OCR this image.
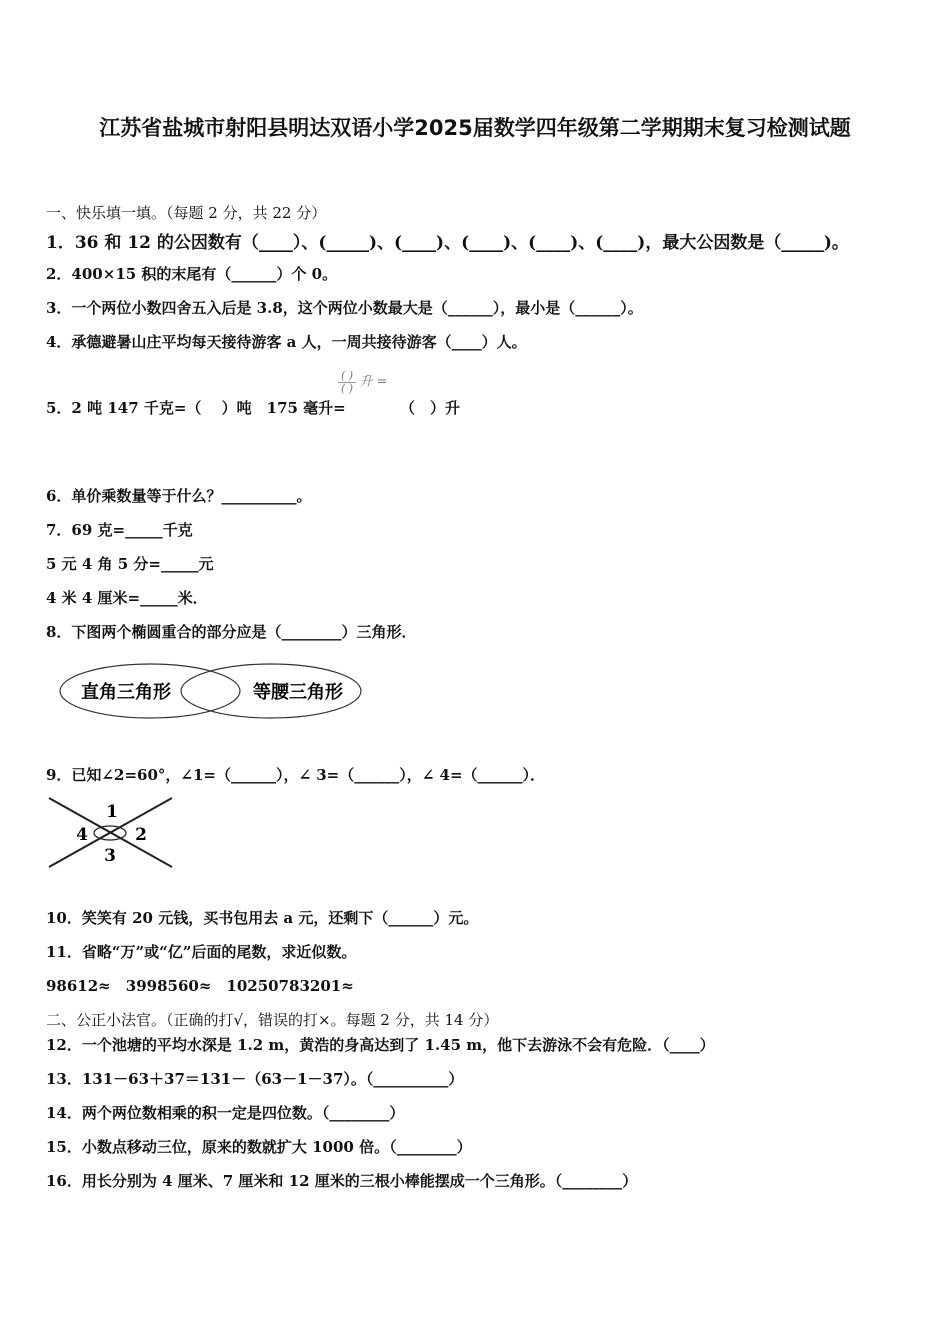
江苏省盐城市射阳县明达双语小学2025届数学四年级第二学期期末复习检测试题
一、快乐填一填。（每题 2 分，共 22 分）
1．36 和 12 的公因数有（____）、(_____)、(____)、(____)、(____)、(____)，最大公因数是（_____)。
2．400×15 积的末尾有（______）个 0。
3．一个两位小数四舍五入后是 3.8，这个两位小数最大是（______），最小是（______）。
4．承德避暑山庄平均每天接待游客 a 人，一周共接待游客（____）人。
5．2 吨 147 千克=（　 ）吨　175 毫升=
( )
( ) 升 =
（　）升
6．单价乘数量等于什么？__________。
7．69 克=_____千克
5 元 4 角 5 分=_____元
4 米 4 厘米=_____米．
8．下图两个椭圆重合的部分应是（________）三角形．
直角三角形	等腰三角形
9．已知∠2=60°，∠1=（______），∠ 3=（______），∠ 4=（______）．
1
2
3
4
10．笑笑有 20 元钱，买书包用去 a 元，还剩下（______）元。
11．省略“万”或“亿”后面的尾数，求近似数。
98612≈　3998560≈　10250783201≈
二、公正小法官。（正确的打√，错误的打×。每题 2 分，共 14 分）
12．一个池塘的平均水深是 1.2 m，黄浩的身高达到了 1.45 m，他下去游泳不会有危险．（____）
13．131－63＋37＝131－（63－1－37）。（__________）
14．两个两位数相乘的积一定是四位数。（________）
15．小数点移动三位，原来的数就扩大 1000 倍。（________）
16．用长分别为 4 厘米、7 厘米和 12 厘米的三根小棒能摆成一个三角形。（________）
